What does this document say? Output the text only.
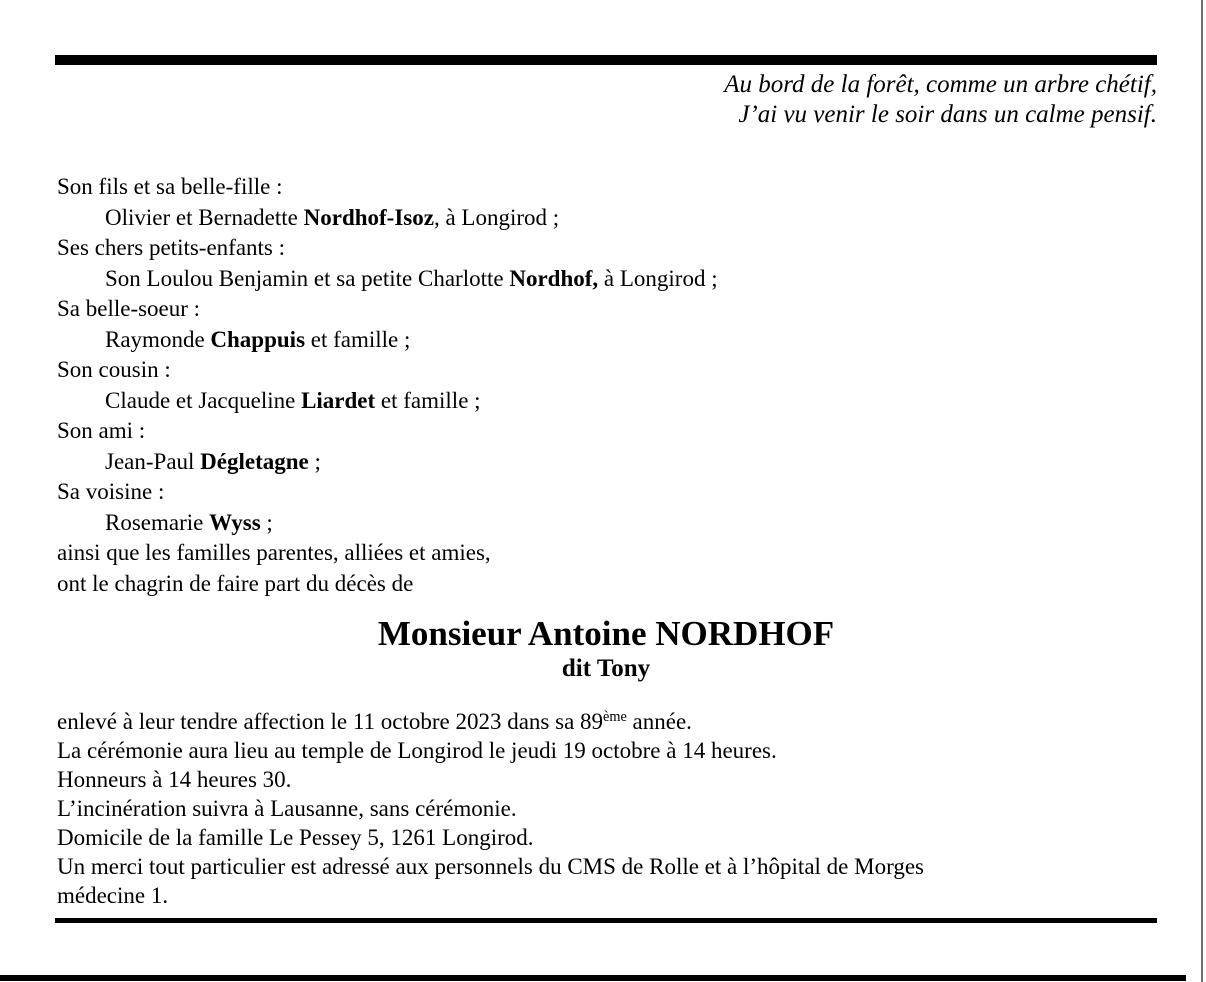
Au bord de la forêt, comme un arbre chétif,
J’ai vu venir le soir dans un calme pensif.
Son fils et sa belle-fille :
Olivier et Bernadette Nordhof-Isoz, à Longirod ;
Ses chers petits-enfants :
Son Loulou Benjamin et sa petite Charlotte Nordhof, à Longirod ;
Sa belle-soeur :
Raymonde Chappuis et famille ;
Son cousin :
Claude et Jacqueline Liardet et famille ;
Son ami :
Jean-Paul Dégletagne ;
Sa voisine :
Rosemarie Wyss ;
ainsi que les familles parentes, alliées et amies,
ont le chagrin de faire part du décès de
Monsieur Antoine NORDHOF
dit Tony
enlevé à leur tendre affection le 11 octobre 2023 dans sa 89ème année.
La cérémonie aura lieu au temple de Longirod le jeudi 19 octobre à 14 heures.
Honneurs à 14 heures 30.
L’incinération suivra à Lausanne, sans cérémonie.
Domicile de la famille Le Pessey 5, 1261 Longirod.
Un merci tout particulier est adressé aux personnels du CMS de Rolle et à l’hôpital de Morges
médecine 1.
